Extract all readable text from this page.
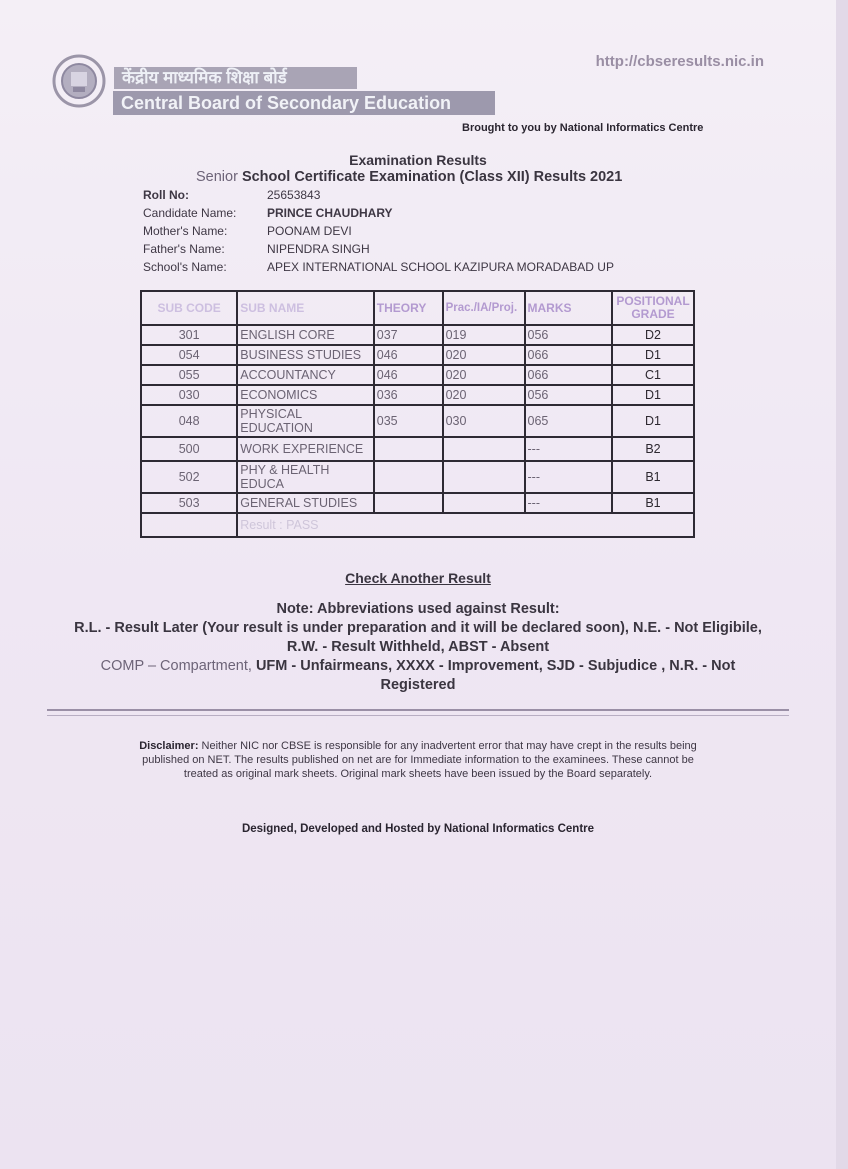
http://cbseresults.nic.in
केंद्रीय माध्यमिक शिक्षा बोर्ड
Central Board of Secondary Education
Brought to you by National Informatics Centre
Examination Results
Senior School Certificate Examination (Class XII) Results 2021
Roll No:	25653843
Candidate Name:	PRINCE CHAUDHARY
Mother's Name:	POONAM DEVI
Father's Name:	NIPENDRA SINGH
School's Name:	APEX INTERNATIONAL SCHOOL KAZIPURA MORADABAD UP
SUB CODE	SUB NAME	THEORY	Prac./IA/Proj.	MARKS	POSITIONAL
GRADE
301	ENGLISH CORE	037	019	056	D2
054	BUSINESS STUDIES	046	020	066	D1
055	ACCOUNTANCY	046	020	066	C1
030	ECONOMICS	036	020	056	D1
048	PHYSICAL
EDUCATION	035	030	065	D1
500	WORK EXPERIENCE			---	B2
502	PHY & HEALTH
EDUCA			---	B1
503	GENERAL STUDIES			---	B1
	Result : PASS				
Check Another Result
Note: Abbreviations used against Result:
R.L. - Result Later (Your result is under preparation and it will be declared soon), N.E. - Not Eligibile,
R.W. - Result Withheld, ABST - Absent
COMP – Compartment, UFM - Unfairmeans, XXXX - Improvement, SJD - Subjudice , N.R. - Not
Registered
Disclaimer: Neither NIC nor CBSE is responsible for any inadvertent error that may have crept in the results being published on NET. The results published on net are for Immediate information to the examinees. These cannot be treated as original mark sheets. Original mark sheets have been issued by the Board separately.
Designed, Developed and Hosted by National Informatics Centre
